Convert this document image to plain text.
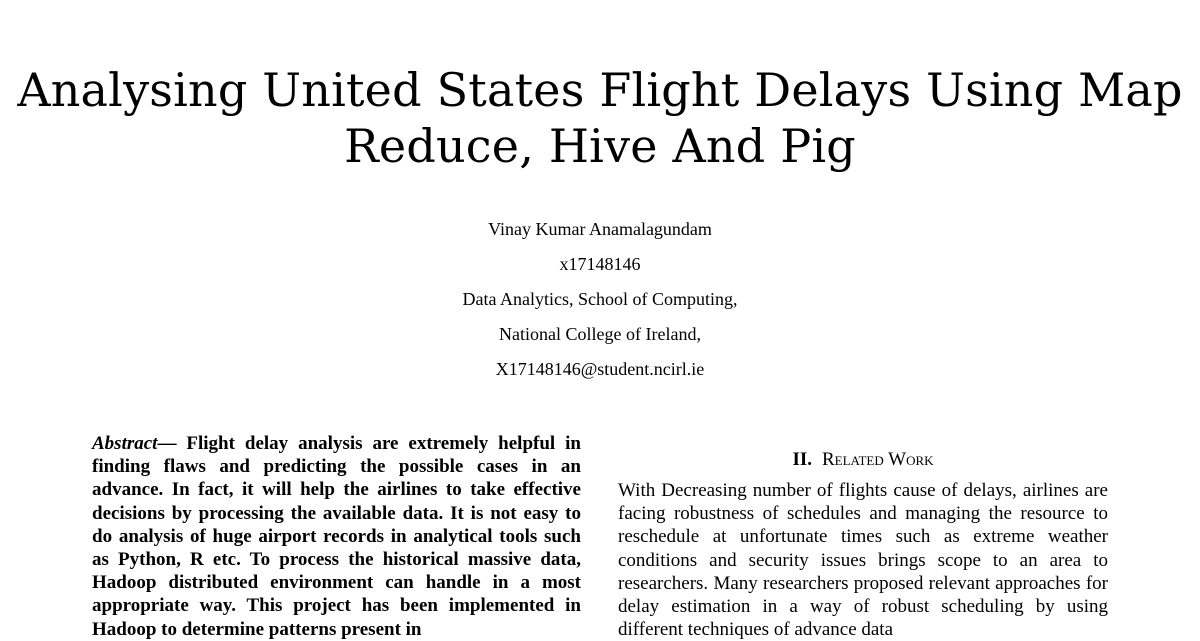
Analysing United States Flight Delays Using Map
Reduce, Hive And Pig
Vinay Kumar Anamalagundam
x17148146
Data Analytics, School of Computing,
National College of Ireland,
X17148146@student.ncirl.ie

Abstract— Flight delay analysis are extremely helpful in finding flaws and predicting the possible cases in an advance. In fact, it will help the airlines to take effective decisions by processing the available data. It is not easy to do analysis of huge airport records in analytical tools such as Python, R etc. To process the historical massive data, Hadoop distributed environment can handle in a most appropriate way. This project has been implemented in Hadoop to determine patterns present in

II. Related Work

With Decreasing number of flights cause of delays, airlines are facing robustness of schedules and managing the resource to reschedule at unfortunate times such as extreme weather conditions and security issues brings scope to an area to researchers. Many researchers proposed relevant approaches for delay estimation in a way of robust scheduling by using different techniques of advance data
